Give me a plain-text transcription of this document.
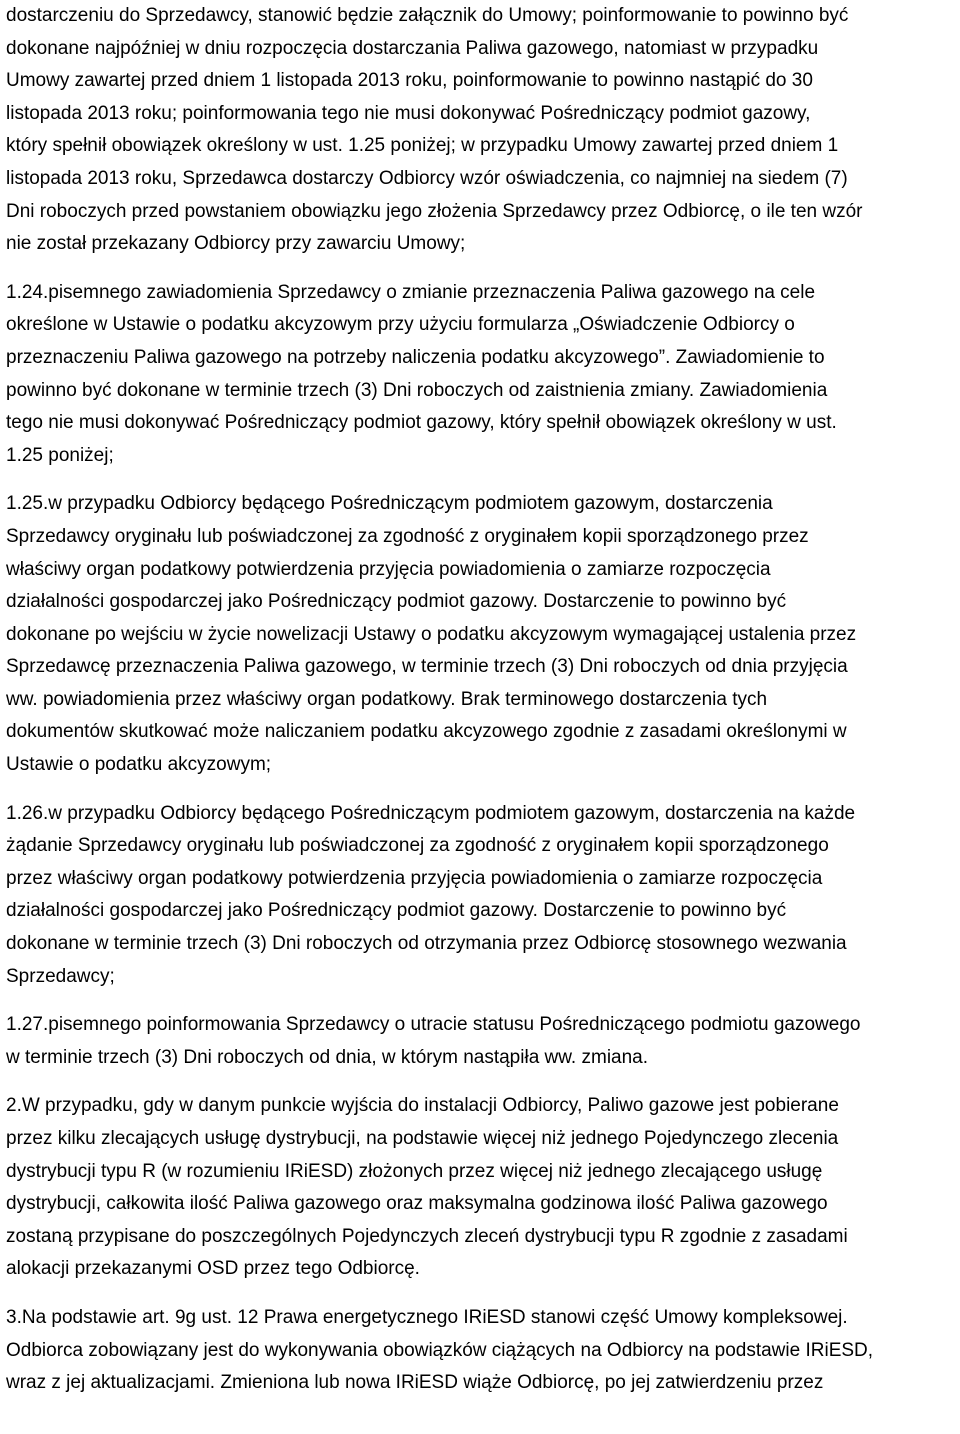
dostarczeniu do Sprzedawcy, stanowić będzie załącznik do Umowy; poinformowanie to powinno być
dokonane najpóźniej w dniu rozpoczęcia dostarczania Paliwa gazowego, natomiast w przypadku
Umowy zawartej przed dniem 1 listopada 2013 roku, poinformowanie to powinno nastąpić do 30
listopada 2013 roku; poinformowania tego nie musi dokonywać Pośredniczący podmiot gazowy,
który spełnił obowiązek określony w ust. 1.25 poniżej; w przypadku Umowy zawartej przed dniem 1
listopada 2013 roku, Sprzedawca dostarczy Odbiorcy wzór oświadczenia, co najmniej na siedem (7)
Dni roboczych przed powstaniem obowiązku jego złożenia Sprzedawcy przez Odbiorcę, o ile ten wzór
nie został przekazany Odbiorcy przy zawarciu Umowy;
1.24.pisemnego zawiadomienia Sprzedawcy o zmianie przeznaczenia Paliwa gazowego na cele
określone w Ustawie o podatku akcyzowym przy użyciu formularza „Oświadczenie Odbiorcy o
przeznaczeniu Paliwa gazowego na potrzeby naliczenia podatku akcyzowego”. Zawiadomienie to
powinno być dokonane w terminie trzech (3) Dni roboczych od zaistnienia zmiany. Zawiadomienia
tego nie musi dokonywać Pośredniczący podmiot gazowy, który spełnił obowiązek określony w ust.
1.25 poniżej;
1.25.w przypadku Odbiorcy będącego Pośredniczącym podmiotem gazowym, dostarczenia
Sprzedawcy oryginału lub poświadczonej za zgodność z oryginałem kopii sporządzonego przez
właściwy organ podatkowy potwierdzenia przyjęcia powiadomienia o zamiarze rozpoczęcia
działalności gospodarczej jako Pośredniczący podmiot gazowy. Dostarczenie to powinno być
dokonane po wejściu w życie nowelizacji Ustawy o podatku akcyzowym wymagającej ustalenia przez
Sprzedawcę przeznaczenia Paliwa gazowego, w terminie trzech (3) Dni roboczych od dnia przyjęcia
ww. powiadomienia przez właściwy organ podatkowy. Brak terminowego dostarczenia tych
dokumentów skutkować może naliczaniem podatku akcyzowego zgodnie z zasadami określonymi w
Ustawie o podatku akcyzowym;
1.26.w przypadku Odbiorcy będącego Pośredniczącym podmiotem gazowym, dostarczenia na każde
żądanie Sprzedawcy oryginału lub poświadczonej za zgodność z oryginałem kopii sporządzonego
przez właściwy organ podatkowy potwierdzenia przyjęcia powiadomienia o zamiarze rozpoczęcia
działalności gospodarczej jako Pośredniczący podmiot gazowy. Dostarczenie to powinno być
dokonane w terminie trzech (3) Dni roboczych od otrzymania przez Odbiorcę stosownego wezwania
Sprzedawcy;
1.27.pisemnego poinformowania Sprzedawcy o utracie statusu Pośredniczącego podmiotu gazowego
w terminie trzech (3) Dni roboczych od dnia, w którym nastąpiła ww. zmiana.
2.W przypadku, gdy w danym punkcie wyjścia do instalacji Odbiorcy, Paliwo gazowe jest pobierane
przez kilku zlecających usługę dystrybucji, na podstawie więcej niż jednego Pojedynczego zlecenia
dystrybucji typu R (w rozumieniu IRiESD) złożonych przez więcej niż jednego zlecającego usługę
dystrybucji, całkowita ilość Paliwa gazowego oraz maksymalna godzinowa ilość Paliwa gazowego
zostaną przypisane do poszczególnych Pojedynczych zleceń dystrybucji typu R zgodnie z zasadami
alokacji przekazanymi OSD przez tego Odbiorcę.
3.Na podstawie art. 9g ust. 12 Prawa energetycznego IRiESD stanowi część Umowy kompleksowej.
Odbiorca zobowiązany jest do wykonywania obowiązków ciążących na Odbiorcy na podstawie IRiESD,
wraz z jej aktualizacjami. Zmieniona lub nowa IRiESD wiąże Odbiorcę, po jej zatwierdzeniu przez
